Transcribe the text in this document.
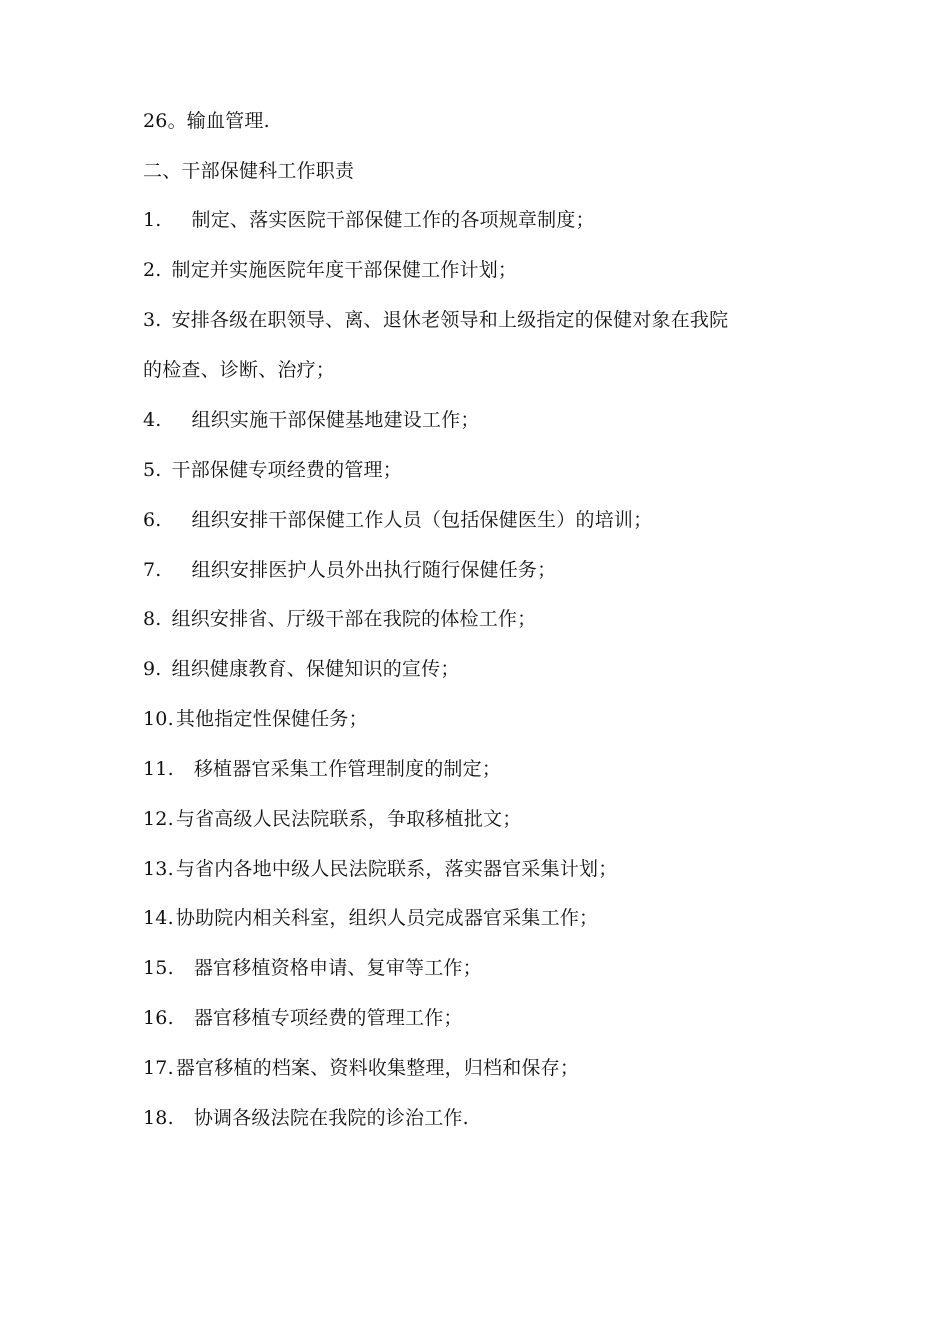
26。输血管理.
二、干部保健科工作职责
1. 制定、落实医院干部保健工作的各项规章制度；
2. 制定并实施医院年度干部保健工作计划；
3. 安排各级在职领导、离、退休老领导和上级指定的保健对象在我院
的检查、诊断、治疗；
4. 组织实施干部保健基地建设工作；
5. 干部保健专项经费的管理；
6. 组织安排干部保健工作人员（包括保健医生）的培训；
7. 组织安排医护人员外出执行随行保健任务；
8. 组织安排省、厅级干部在我院的体检工作；
9. 组织健康教育、保健知识的宣传；
10. 其他指定性保健任务；
11. 移植器官采集工作管理制度的制定；
12. 与省高级人民法院联系，争取移植批文；
13. 与省内各地中级人民法院联系，落实器官采集计划；
14. 协助院内相关科室，组织人员完成器官采集工作；
15. 器官移植资格申请、复审等工作；
16. 器官移植专项经费的管理工作；
17. 器官移植的档案、资料收集整理，归档和保存；
18. 协调各级法院在我院的诊治工作.
